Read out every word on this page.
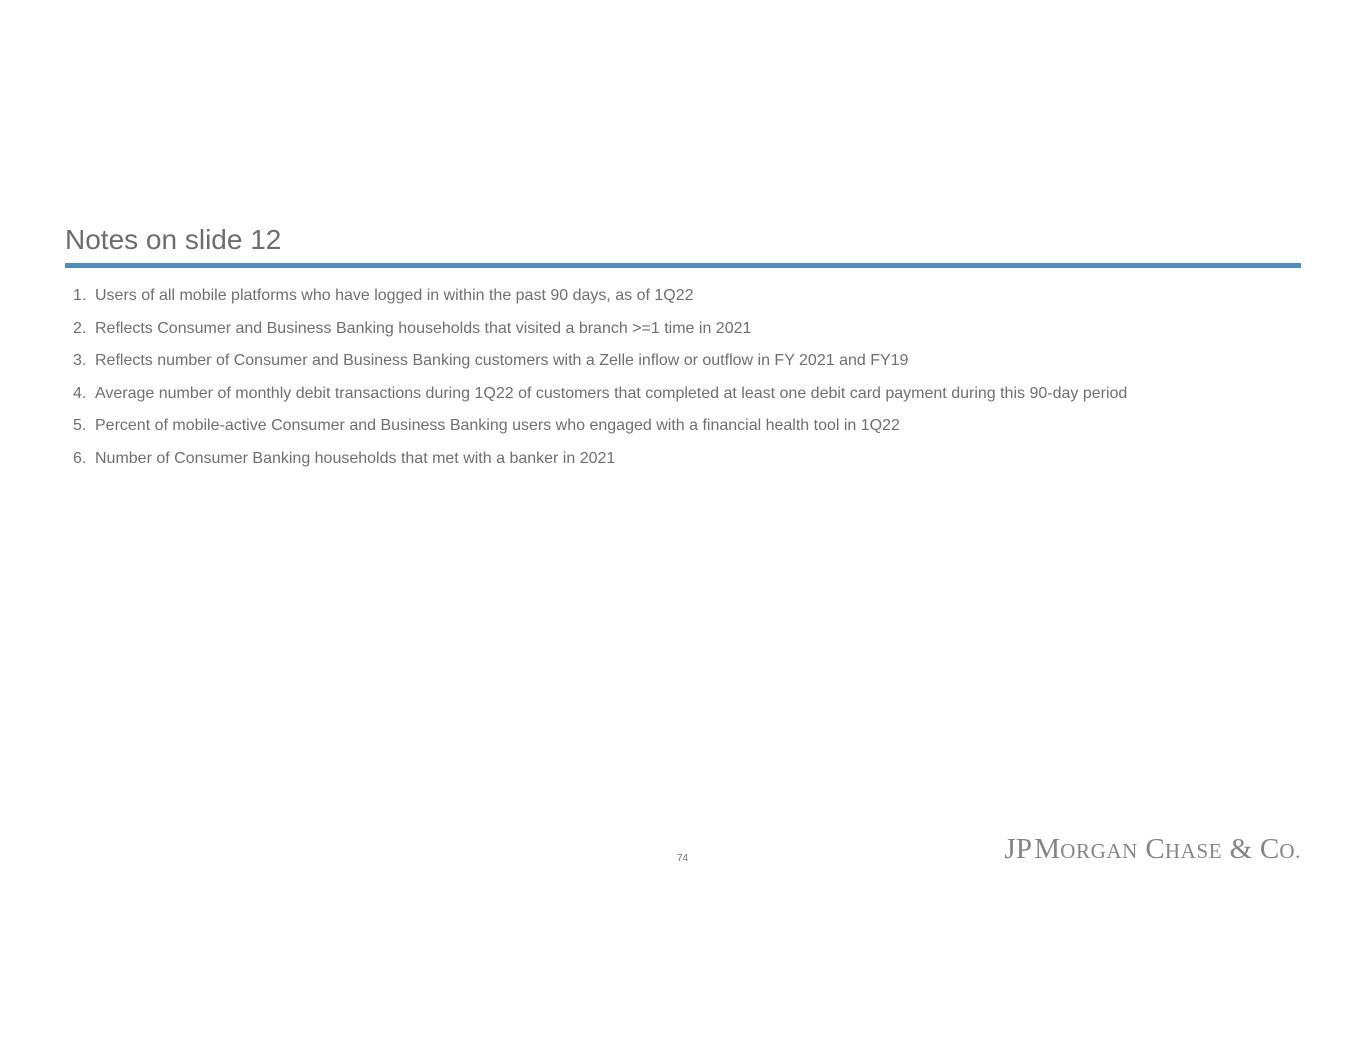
Notes on slide 12
1. Users of all mobile platforms who have logged in within the past 90 days, as of 1Q22
2. Reflects Consumer and Business Banking households that visited a branch >=1 time in 2021
3. Reflects number of Consumer and Business Banking customers with a Zelle inflow or outflow in FY 2021 and FY19
4. Average number of monthly debit transactions during 1Q22 of customers that completed at least one debit card payment during this 90-day period
5. Percent of mobile-active Consumer and Business Banking users who engaged with a financial health tool in 1Q22
6. Number of Consumer Banking households that met with a banker in 2021
74	JPMORGAN CHASE & CO.
